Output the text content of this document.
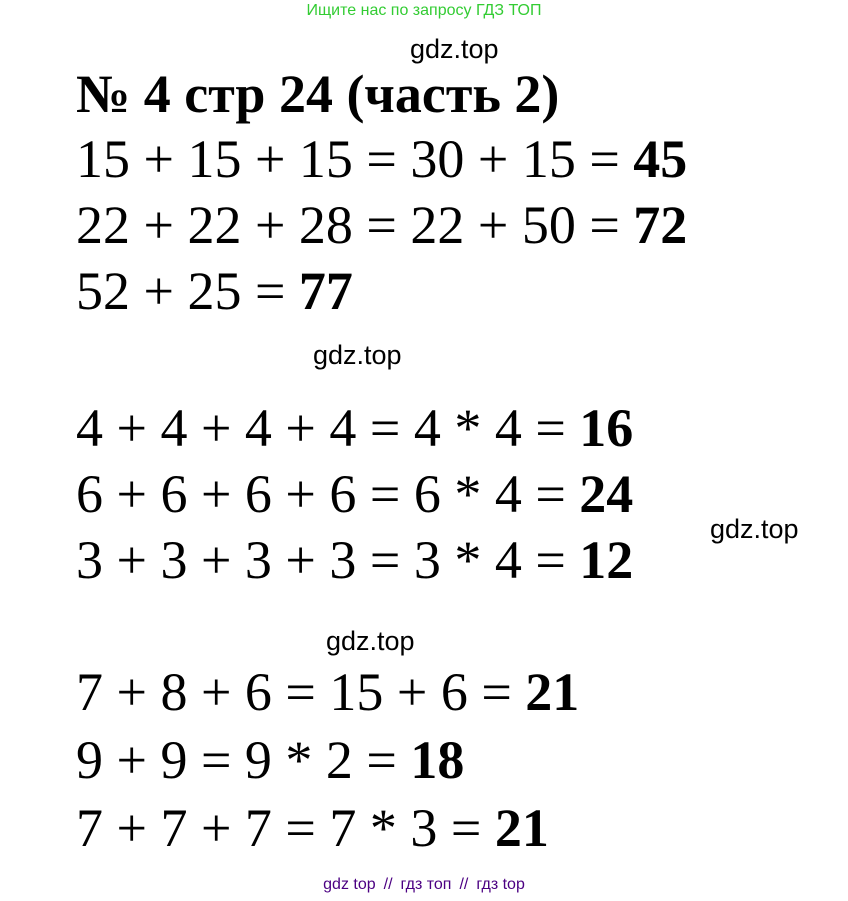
Ищите нас по запросу ГДЗ ТОП
gdz.top
№ 4 стр 24 (часть 2)
15 + 15 + 15 = 30 + 15 = 45
22 + 22 + 28 = 22 + 50 = 72
52 + 25 = 77
gdz.top
4 + 4 + 4 + 4 = 4 * 4 = 16
6 + 6 + 6 + 6 = 6 * 4 = 24
3 + 3 + 3 + 3 = 3 * 4 = 12
gdz.top
gdz.top
7 + 8 + 6 = 15 + 6 = 21
9 + 9 = 9 * 2 = 18
7 + 7 + 7 = 7 * 3 = 21
gdz top // гдз топ // гдз top
